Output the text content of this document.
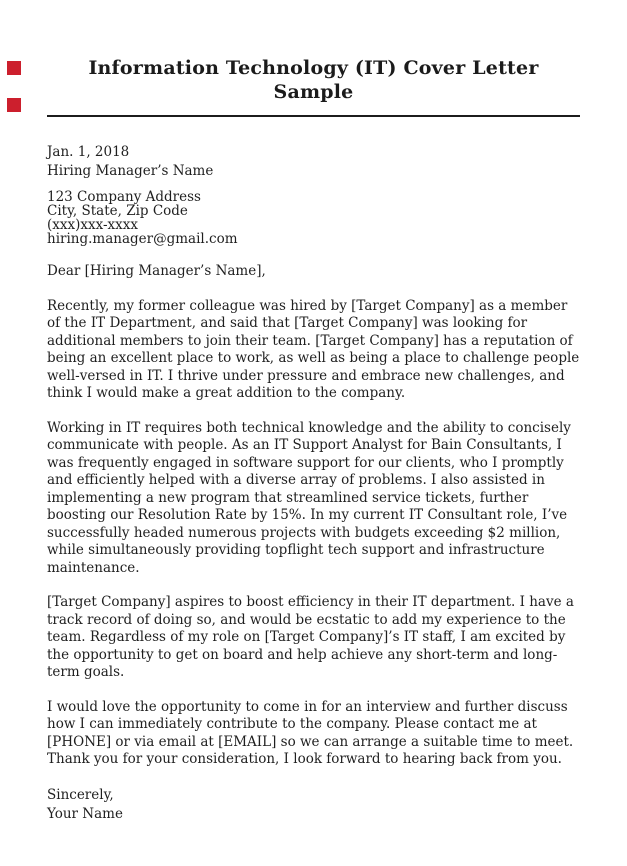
Information Technology (IT) Cover Letter Sample

Jan. 1, 2018
Hiring Manager’s Name

123 Company Address
City, State, Zip Code
(xxx)xxx-xxxx
hiring.manager@gmail.com

Dear [Hiring Manager’s Name],

Recently, my former colleague was hired by [Target Company] as a member of the IT Department, and said that [Target Company] was looking for additional members to join their team. [Target Company] has a reputation of being an excellent place to work, as well as being a place to challenge people well-versed in IT. I thrive under pressure and embrace new challenges, and think I would make a great addition to the company.

Working in IT requires both technical knowledge and the ability to concisely communicate with people. As an IT Support Analyst for Bain Consultants, I was frequently engaged in software support for our clients, who I promptly and efficiently helped with a diverse array of problems. I also assisted in implementing a new program that streamlined service tickets, further boosting our Resolution Rate by 15%. In my current IT Consultant role, I’ve successfully headed numerous projects with budgets exceeding $2 million, while simultaneously providing topflight tech support and infrastructure maintenance.

[Target Company] aspires to boost efficiency in their IT department. I have a track record of doing so, and would be ecstatic to add my experience to the team. Regardless of my role on [Target Company]’s IT staff, I am excited by the opportunity to get on board and help achieve any short-term and long-term goals.

I would love the opportunity to come in for an interview and further discuss how I can immediately contribute to the company. Please contact me at [PHONE] or via email at [EMAIL] so we can arrange a suitable time to meet. Thank you for your consideration, I look forward to hearing back from you.

Sincerely,
Your Name
